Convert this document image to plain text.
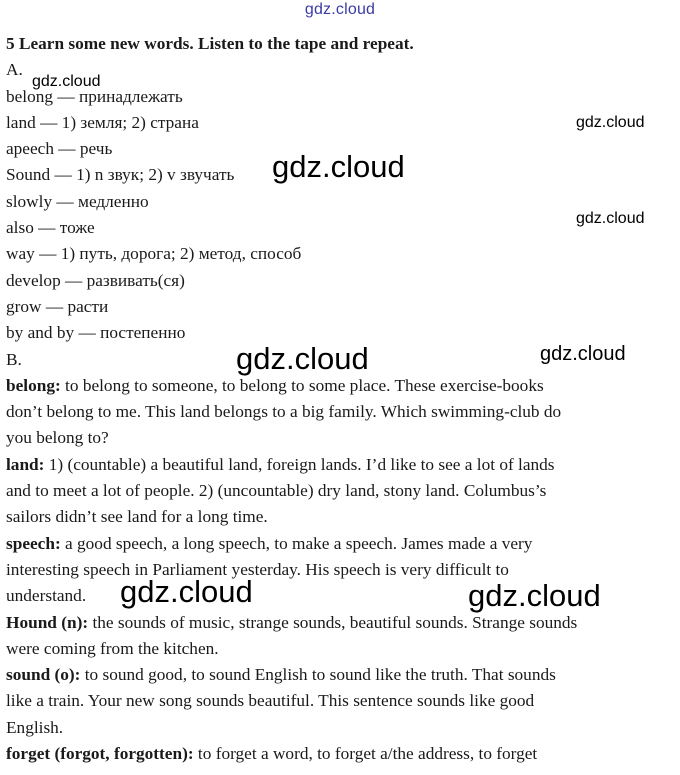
gdz.cloud
5 Learn some new words. Listen to the tape and repeat.
A.
belong — принадлежать
land — 1) земля; 2) страна
apeech — речь
Sound — 1) n звук; 2) v звучать
slowly — медленно
also — тоже
way — 1) путь, дорога; 2) метод, способ
develop — развивать(ся)
grow — расти
by and by — постепенно
B.
belong: to belong to someone, to belong to some place. These exercise-books
don’t belong to me. This land belongs to a big family. Which swimming-club do
you belong to?
land: 1) (countable) a beautiful land, foreign lands. I’d like to see a lot of lands
and to meet a lot of people. 2) (uncountable) dry land, stony land. Columbus’s
sailors didn’t see land for a long time.
speech: a good speech, a long speech, to make a speech. James made a very
interesting speech in Parliament yesterday. His speech is very difficult to
understand.
Hound (n): the sounds of music, strange sounds, beautiful sounds. Strange sounds
were coming from the kitchen.
sound (o): to sound good, to sound English to sound like the truth. That sounds
like a train. Your new song sounds beautiful. This sentence sounds like good
English.
forget (forgot, forgotten): to forget a word, to forget a/the address, to forget
gdz.cloud
gdz.cloud
gdz.cloud
gdz.cloud
gdz.cloud	gdz.cloud
gdz.cloud	gdz.cloud
